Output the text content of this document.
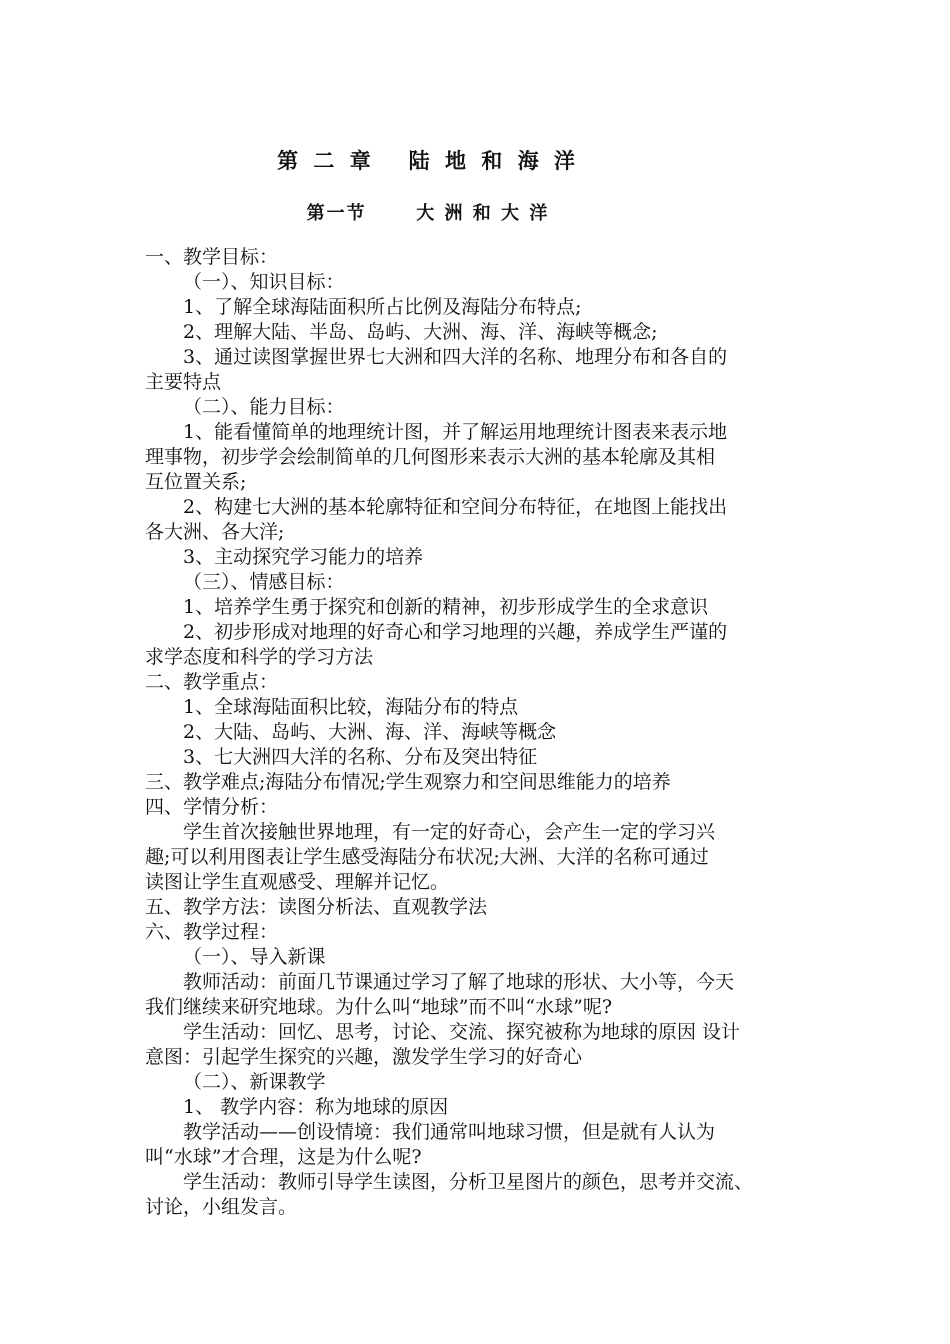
第 二 章   陆 地 和 海 洋
第一节      大 洲 和 大 洋
一、教学目标：
（一）、知识目标：
1、了解全球海陆面积所占比例及海陆分布特点;
2、理解大陆、半岛、岛屿、大洲、海、洋、海峡等概念;
3、通过读图掌握世界七大洲和四大洋的名称、地理分布和各自的
主要特点
（二）、能力目标：
1、能看懂简单的地理统计图，并了解运用地理统计图表来表示地
理事物，初步学会绘制简单的几何图形来表示大洲的基本轮廓及其相
互位置关系;
2、构建七大洲的基本轮廓特征和空间分布特征，在地图上能找出
各大洲、各大洋;
3、主动探究学习能力的培养
（三）、情感目标：
1、培养学生勇于探究和创新的精神，初步形成学生的全求意识
2、初步形成对地理的好奇心和学习地理的兴趣，养成学生严谨的
求学态度和科学的学习方法
二、教学重点：
1、全球海陆面积比较，海陆分布的特点
2、大陆、岛屿、大洲、海、洋、海峡等概念
3、七大洲四大洋的名称、分布及突出特征
三、教学难点;海陆分布情况;学生观察力和空间思维能力的培养
四、学情分析：
学生首次接触世界地理，有一定的好奇心，会产生一定的学习兴
趣;可以利用图表让学生感受海陆分布状况;大洲、大洋的名称可通过
读图让学生直观感受、理解并记忆。
五、教学方法：读图分析法、直观教学法
六、教学过程：
（一）、导入新课
教师活动：前面几节课通过学习了解了地球的形状、大小等，今天
我们继续来研究地球。为什么叫“地球”而不叫“水球”呢?
学生活动：回忆、思考，讨论、交流、探究被称为地球的原因 设计
意图：引起学生探究的兴趣，激发学生学习的好奇心
（二）、新课教学
1、 教学内容：称为地球的原因
教学活动——创设情境：我们通常叫地球习惯，但是就有人认为
叫“水球”才合理，这是为什么呢?
学生活动：教师引导学生读图，分析卫星图片的颜色，思考并交流、
讨论，小组发言。
